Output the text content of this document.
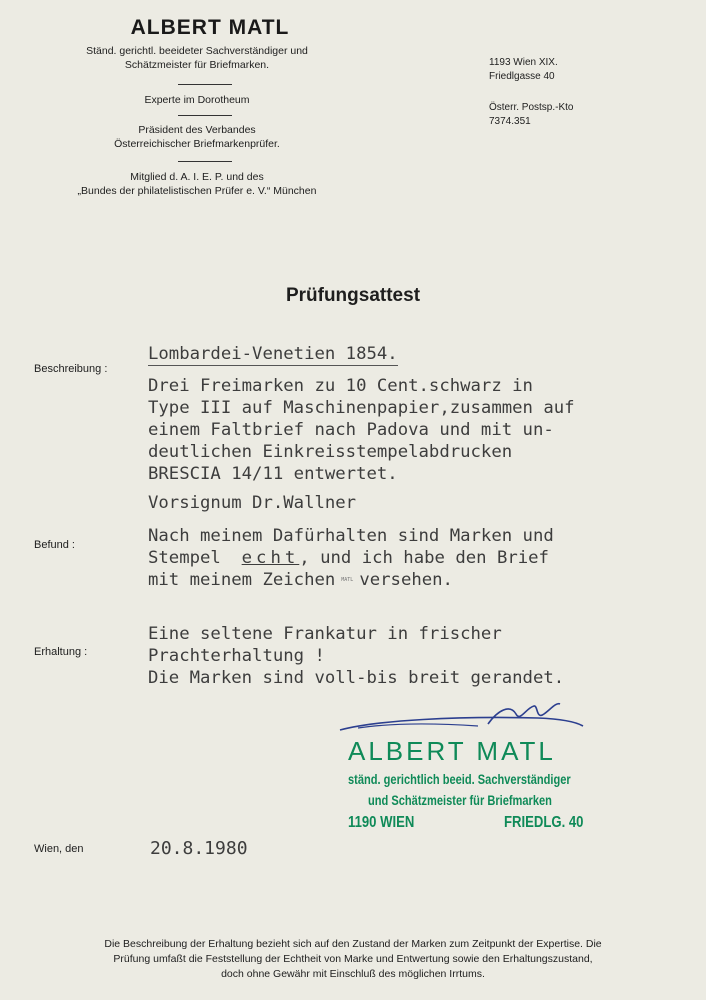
ALBERT MATL
Ständ. gerichtl. beeideter Sachverständiger und
Schätzmeister für Briefmarken.
Experte im Dorotheum
Präsident des Verbandes
Österreichischer Briefmarkenprüfer.
Mitglied d. A. I. E. P. und des
„Bundes der philatelistischen Prüfer e. V.“ München
1193 Wien XIX.
Friedlgasse 40
Österr. Postsp.-Kto
7374.351
Prüfungsattest
Beschreibung :
Lombardei-Venetien 1854.
Drei Freimarken zu 10 Cent.schwarz in
Type III auf Maschinenpapier,zusammen auf
einem Faltbrief nach Padova und mit un-
deutlichen Einkreisstempelabdrucken
BRESCIA 14/11 entwertet.
Vorsignum Dr.Wallner
Befund :	Nach meinem Dafürhalten sind Marken und
Stempel  echt, und ich habe den Brief
mit meinem Zeichen MATL versehen.
Erhaltung :
Eine seltene Frankatur in frischer
Prachterhaltung !
Die Marken sind voll-bis breit gerandet.
ALBERT MATL
ständ. gerichtlich beeid. Sachverständiger
und Schätzmeister für Briefmarken
1190 WIEN	FRIEDLG. 40
Wien, den	20.8.1980
Die Beschreibung der Erhaltung bezieht sich auf den Zustand der Marken zum Zeitpunkt der Expertise. Die
Prüfung umfaßt die Feststellung der Echtheit von Marke und Entwertung sowie den Erhaltungszustand,
doch ohne Gewähr mit Einschluß des möglichen Irrtums.
